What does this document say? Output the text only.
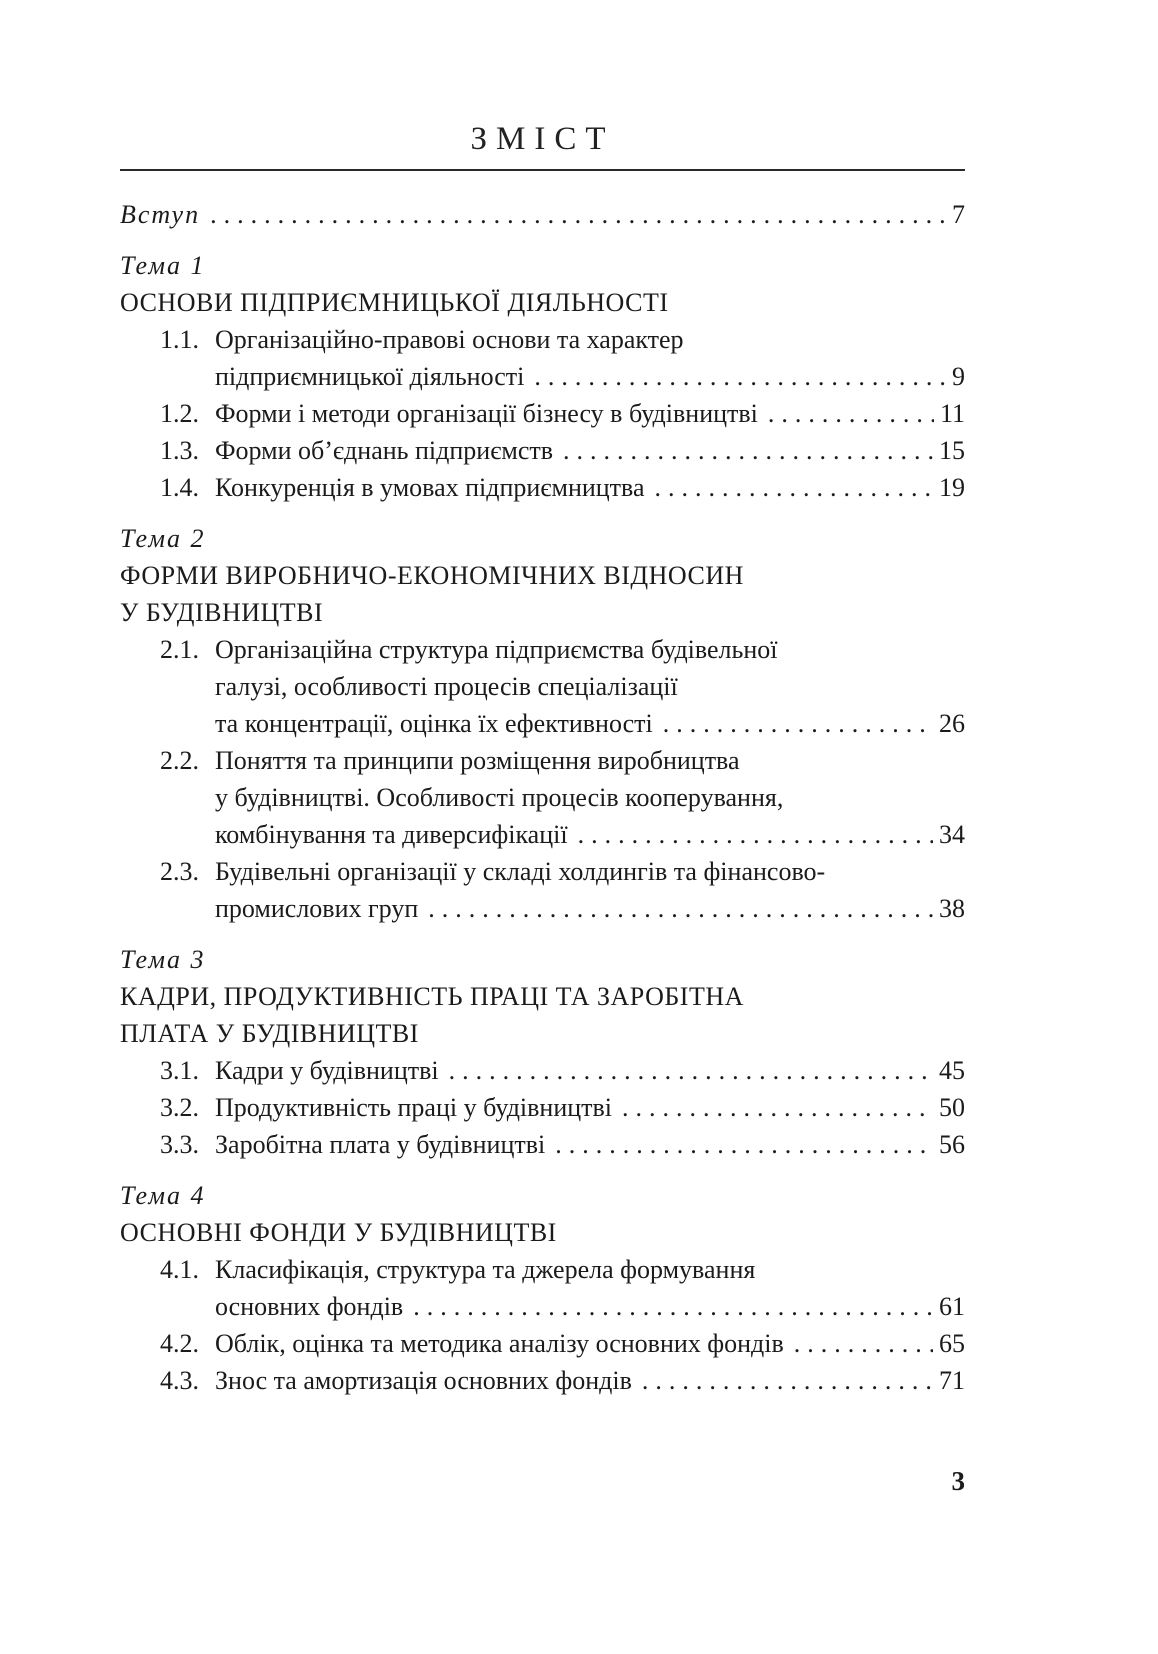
ЗМІСТ
Вступ .....	7
Тема 1
ОСНОВИ ПІДПРИЄМНИЦЬКОЇ ДІЯЛЬНОСТІ
1.1. Організаційно-правові основи та характер
підприємницької діяльності .....	9
1.2. Форми і методи організації бізнесу в будівництві .....	11
1.3. Форми об’єднань підприємств .....	15
1.4. Конкуренція в умовах підприємництва .....	19
Тема 2
ФОРМИ ВИРОБНИЧО-ЕКОНОМІЧНИХ ВІДНОСИН
У БУДІВНИЦТВІ
2.1. Організаційна структура підприємства будівельної
галузі, особливості процесів спеціалізації
та концентрації, оцінка їх ефективності .....	26
2.2. Поняття та принципи розміщення виробництва
у будівництві. Особливості процесів кооперування,
комбінування та диверсифікації .....	34
2.3. Будівельні організації у складі холдингів та фінансово-
промислових груп .....	38
Тема 3
КАДРИ, ПРОДУКТИВНІСТЬ ПРАЦІ ТА ЗАРОБІТНА
ПЛАТА У БУДІВНИЦТВІ
3.1. Кадри у будівництві .....	45
3.2. Продуктивність праці у будівництві .....	50
3.3. Заробітна плата у будівництві .....	56
Тема 4
ОСНОВНІ ФОНДИ У БУДІВНИЦТВІ
4.1. Класифікація, структура та джерела формування
основних фондів .....	61
4.2. Облік, оцінка та методика аналізу основних фондів .....	65
4.3. Знос та амортизація основних фондів .....	71
3
